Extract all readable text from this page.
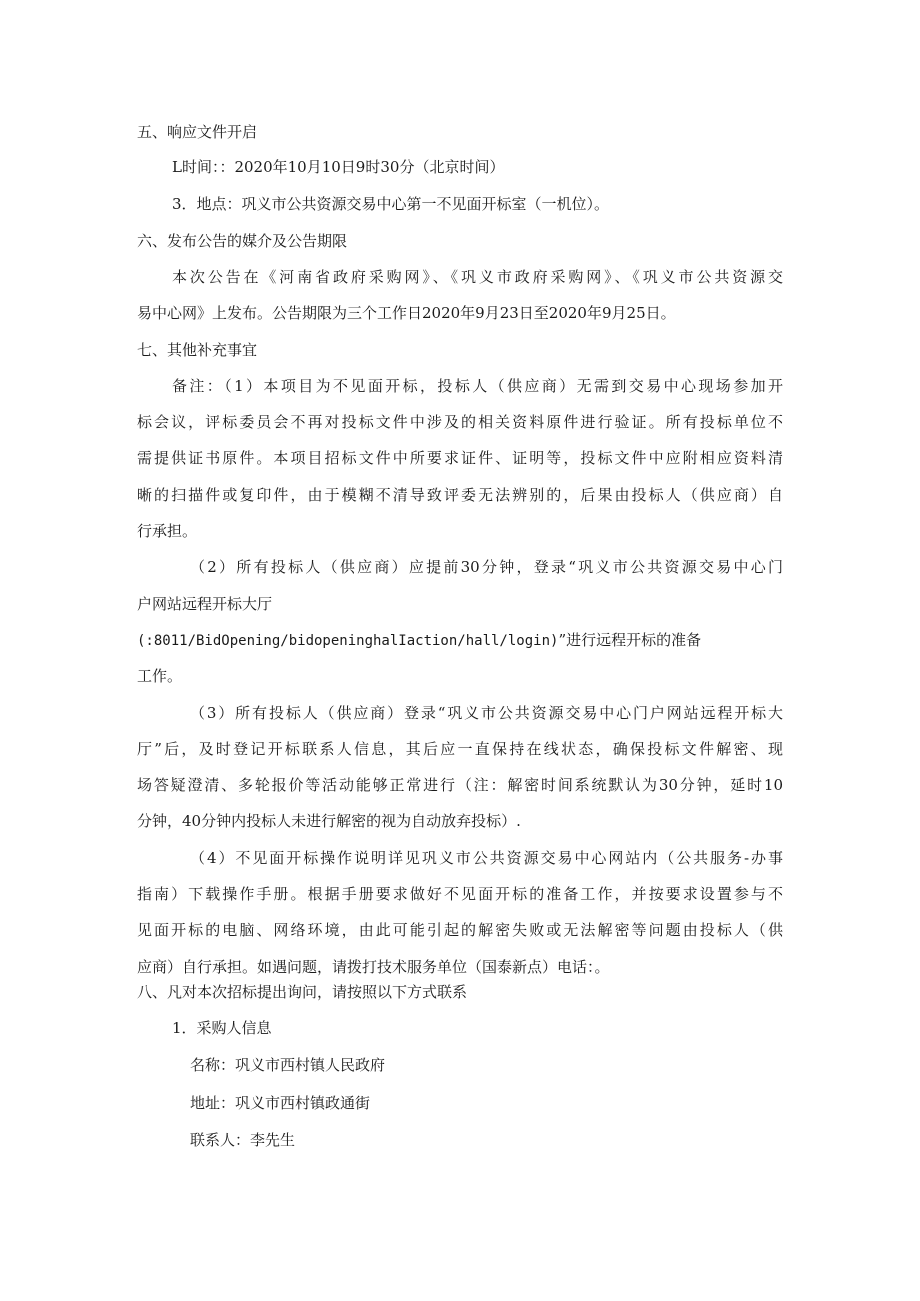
五、响应文件开启

L时间：：2020年10月10日9时30分（北京时间）

3．地点：巩义市公共资源交易中心第一不见面开标室（一机位）。

六、发布公告的媒介及公告期限

本次公告在《河南省政府采购网》、《巩义市政府采购网》、《巩义市公共资源交

易中心网》上发布。公告期限为三个工作日2020年9月23日至2020年9月25日。

七、其他补充事宜

备注：（1）本项目为不见面开标，投标人（供应商）无需到交易中心现场参加开

标会议，评标委员会不再对投标文件中涉及的相关资料原件进行验证。所有投标单位不

需提供证书原件。本项目招标文件中所要求证件、证明等，投标文件中应附相应资料清

晰的扫描件或复印件，由于模糊不清导致评委无法辨别的，后果由投标人（供应商）自

行承担。

（2）所有投标人（供应商）应提前30分钟，登录“巩义市公共资源交易中心门

户网站远程开标大厅

(:8011/BidOpening/bidopeninghalIaction/hall/login)”进行远程开标的准备

工作。

（3）所有投标人（供应商）登录“巩义市公共资源交易中心门户网站远程开标大

厅”后，及时登记开标联系人信息，其后应一直保持在线状态，确保投标文件解密、现

场答疑澄清、多轮报价等活动能够正常进行（注：解密时间系统默认为30分钟，延时10

分钟，40分钟内投标人未进行解密的视为自动放弃投标）.

（4）不见面开标操作说明详见巩义市公共资源交易中心网站内（公共服务-办事

指南）下载操作手册。根据手册要求做好不见面开标的准备工作，并按要求设置参与不

见面开标的电脑、网络环境，由此可能引起的解密失败或无法解密等问题由投标人（供

应商）自行承担。如遇问题，请拨打技术服务单位（国泰新点）电话：。

八、凡对本次招标提出询问，请按照以下方式联系

1．采购人信息

名称：巩义市西村镇人民政府

地址：巩义市西村镇政通街

联系人：李先生
